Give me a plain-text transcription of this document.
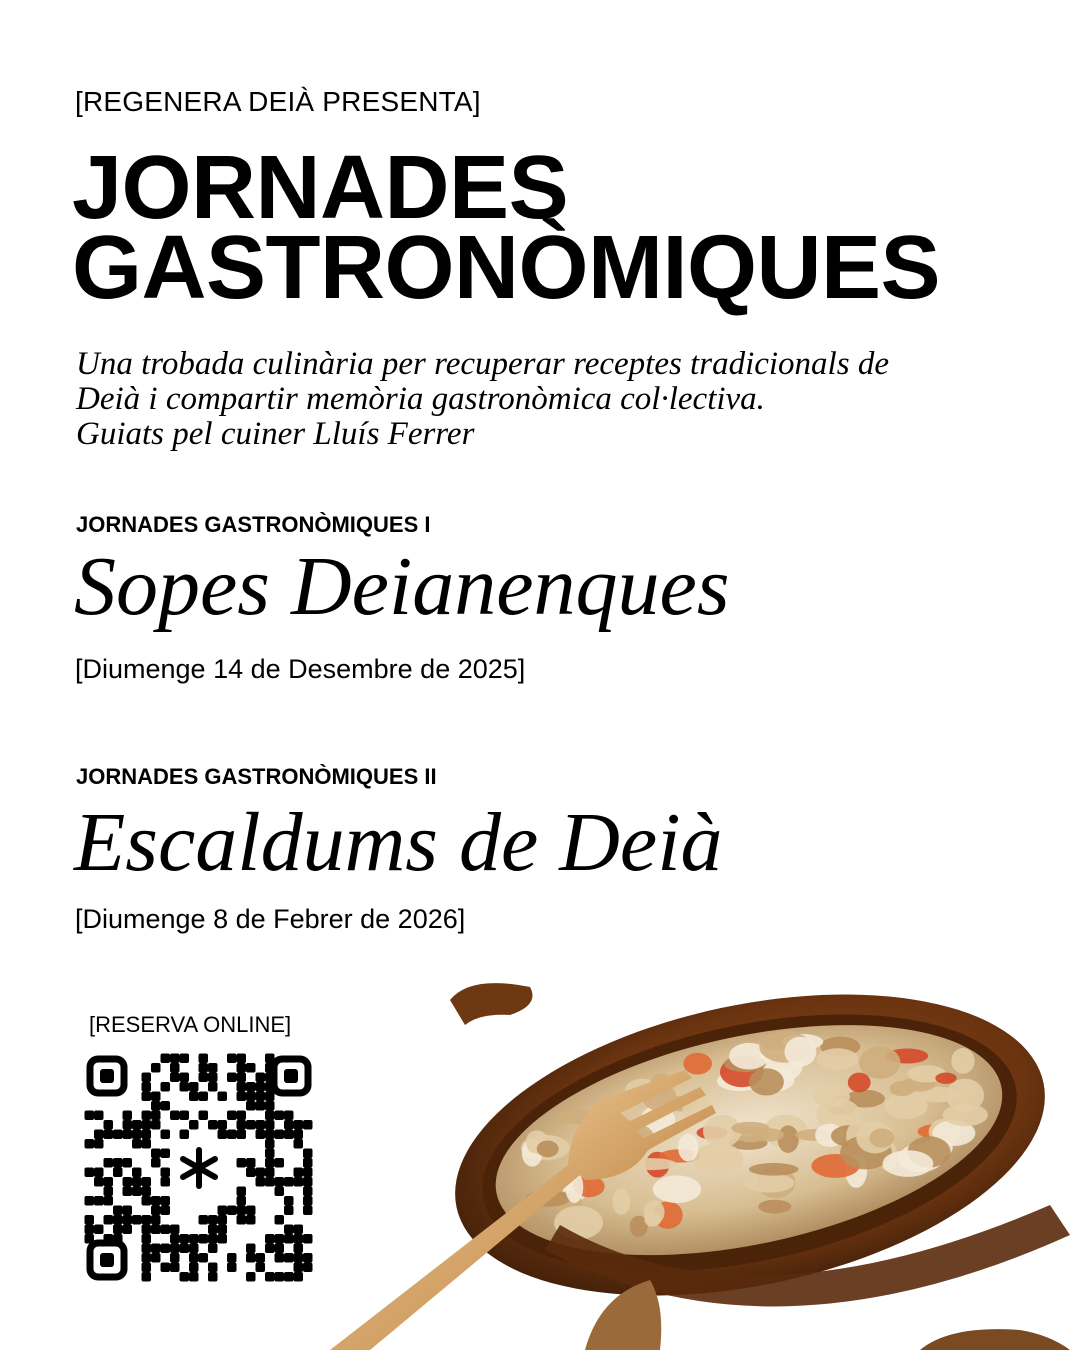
[REGENERA DEIÀ PRESENTA]
JORNADES
GASTRONÒMIQUES
Una trobada culinària per recuperar receptes tradicionals de
Deià i compartir memòria gastronòmica col·lectiva.
Guiats pel cuiner Lluís Ferrer
JORNADES GASTRONÒMIQUES I
Sopes Deianenques
[Diumenge 14 de Desembre de 2025]
JORNADES GASTRONÒMIQUES II
Escaldums de Deià
[Diumenge 8 de Febrer de 2026]
[RESERVA ONLINE]
